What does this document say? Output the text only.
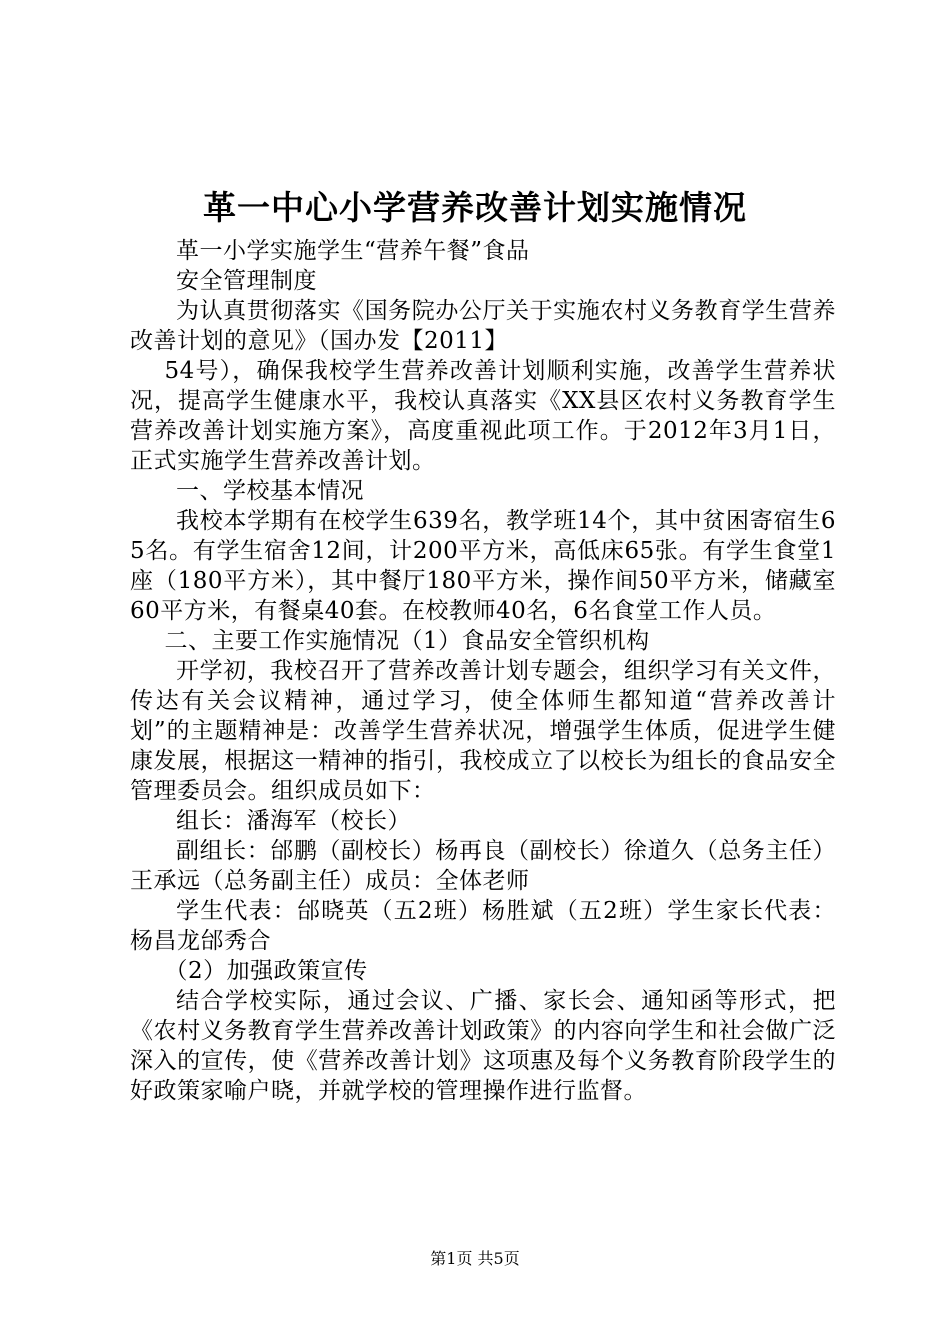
革一中心小学营养改善计划实施情况

革一小学实施学生“营养午餐”食品

安全管理制度

为认真贯彻落实《国务院办公厅关于实施农村义务教育学生营养改善计划的意见》（国办发【2011】

54号），确保我校学生营养改善计划顺利实施，改善学生营养状况，提高学生健康水平，我校认真落实《XX县区农村义务教育学生营养改善计划实施方案》，高度重视此项工作。于2012年3月1日，正式实施学生营养改善计划。

一、学校基本情况

我校本学期有在校学生639名，教学班14个，其中贫困寄宿生65名。有学生宿舍12间，计200平方米，高低床65张。有学生食堂1座（180平方米），其中餐厅180平方米，操作间50平方米，储藏室60平方米，有餐桌40套。在校教师40名，6名食堂工作人员。

二、主要工作实施情况（1）食品安全管织机构

开学初，我校召开了营养改善计划专题会，组织学习有关文件，传达有关会议精神，通过学习，使全体师生都知道“营养改善计划”的主题精神是：改善学生营养状况，增强学生体质，促进学生健康发展，根据这一精神的指引，我校成立了以校长为组长的食品安全管理委员会。组织成员如下：

组长：潘海军（校长）

副组长：邰鹏（副校长）杨再良（副校长）徐道久（总务主任）王承远（总务副主任）成员：全体老师

学生代表：邰晓英（五2班）杨胜斌（五2班）学生家长代表：杨昌龙邰秀合

（2）加强政策宣传

结合学校实际，通过会议、广播、家长会、通知函等形式，把《农村义务教育学生营养改善计划政策》的内容向学生和社会做广泛深入的宣传，使《营养改善计划》这项惠及每个义务教育阶段学生的好政策家喻户晓，并就学校的管理操作进行监督。

第1页 共5页
